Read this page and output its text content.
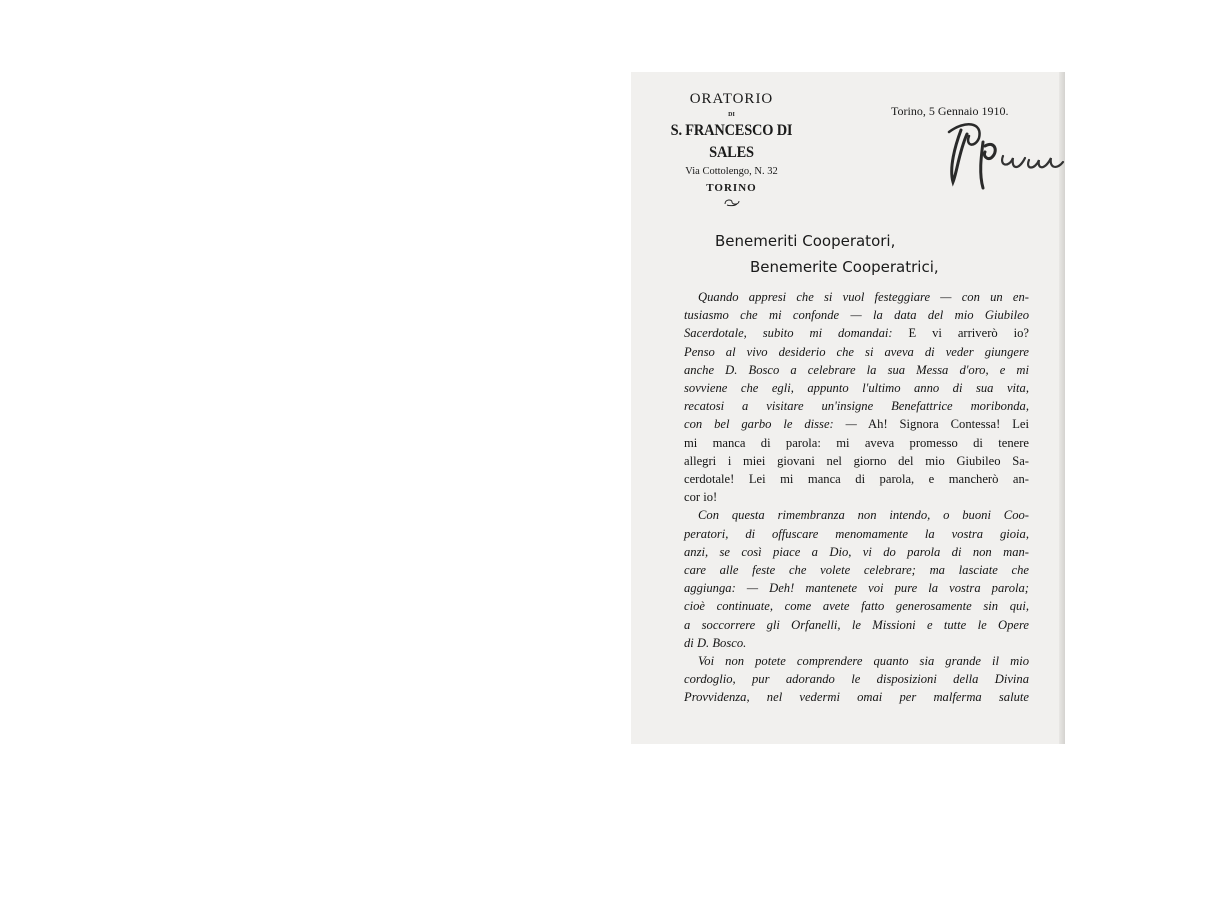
ORATORIO
DI
S. FRANCESCO DI SALES
Via Cottolengo, N. 32
TORINO
Torino, 5 Gennaio 1910.
Benemeriti Cooperatori,
Benemerite Cooperatrici,
Quando appresi che si vuol festeggiare — con un en-
tusiasmo che mi confonde — la data del mio Giubileo
Sacerdotale, subito mi domandai: E vi arriverò io?
Penso al vivo desiderio che si aveva di veder giungere
anche D. Bosco a celebrare la sua Messa d'oro, e mi
sovviene che egli, appunto l'ultimo anno di sua vita,
recatosi a visitare un'insigne Benefattrice moribonda,
con bel garbo le disse: — Ah! Signora Contessa! Lei
mi manca di parola: mi aveva promesso di tenere
allegri i miei giovani nel giorno del mio Giubileo Sa-
cerdotale! Lei mi manca di parola, e mancherò an-
cor io!
Con questa rimembranza non intendo, o buoni Coo-
peratori, di offuscare menomamente la vostra gioia,
anzi, se così piace a Dio, vi do parola di non man-
care alle feste che volete celebrare; ma lasciate che
aggiunga: — Deh! mantenete voi pure la vostra parola;
cioè continuate, come avete fatto generosamente sin qui,
a soccorrere gli Orfanelli, le Missioni e tutte le Opere
di D. Bosco.
Voi non potete comprendere quanto sia grande il mio
cordoglio, pur adorando le disposizioni della Divina
Provvidenza, nel vedermi omai per malferma salute
